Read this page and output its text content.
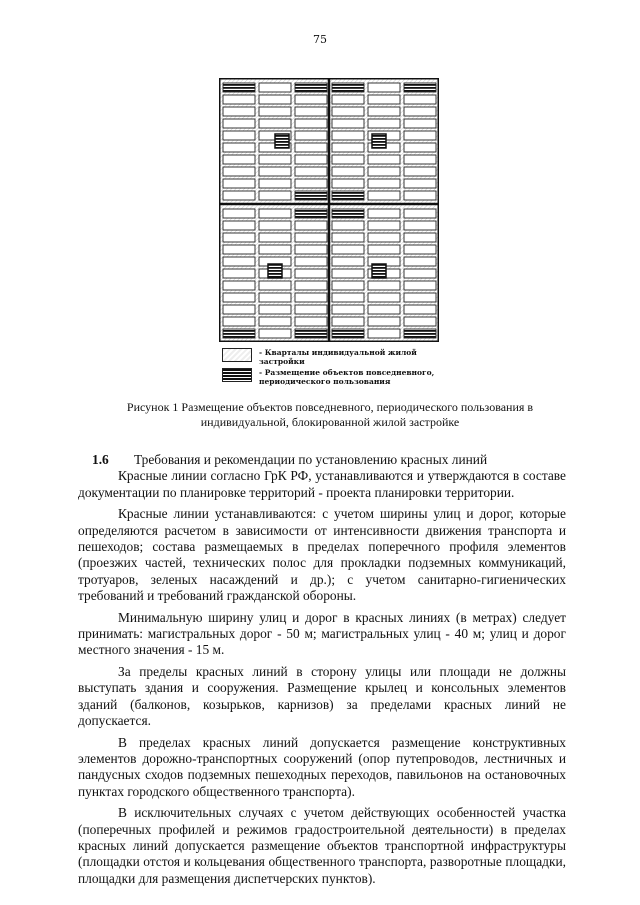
75
- Кварталы индивидуальной жилой застройки
- Размещение объектов повседневного, периодического пользования
Рисунок 1 Размещение объектов повседневного, периодического пользования в индивидуальной, блокированной жилой застройке
1.6	Требования и рекомендации по установлению красных линий

Красные линии согласно ГрК РФ, устанавливаются и утверждаются в составе документации по планировке территорий - проекта планировки территории.

Красные линии устанавливаются: с учетом ширины улиц и дорог, которые определяются расчетом в зависимости от интенсивности движения транспорта и пешеходов; состава размещаемых в пределах поперечного профиля элементов (проезжих частей, технических полос для прокладки подземных коммуникаций, тротуаров, зеленых насаждений и др.); с учетом санитарно-гигиенических требований и требований гражданской обороны.

Минимальную ширину улиц и дорог в красных линиях (в метрах) следует принимать: магистральных дорог - 50 м; магистральных улиц - 40 м; улиц и дорог местного значения - 15 м.

За пределы красных линий в сторону улицы или площади не должны выступать здания и сооружения. Размещение крылец и консольных элементов зданий (балконов, козырьков, карнизов) за пределами красных линий не допускается.

В пределах красных линий допускается размещение конструктивных элементов дорожно-транспортных сооружений (опор путепроводов, лестничных и пандусных сходов подземных пешеходных переходов, павильонов на остановочных пунктах городского общественного транспорта).

В исключительных случаях с учетом действующих особенностей участка (поперечных профилей и режимов градостроительной деятельности) в пределах красных линий допускается размещение объектов транспортной инфраструктуры (площадки отстоя и кольцевания общественного транспорта, разворотные площадки, площадки для размещения диспетчерских пунктов).
